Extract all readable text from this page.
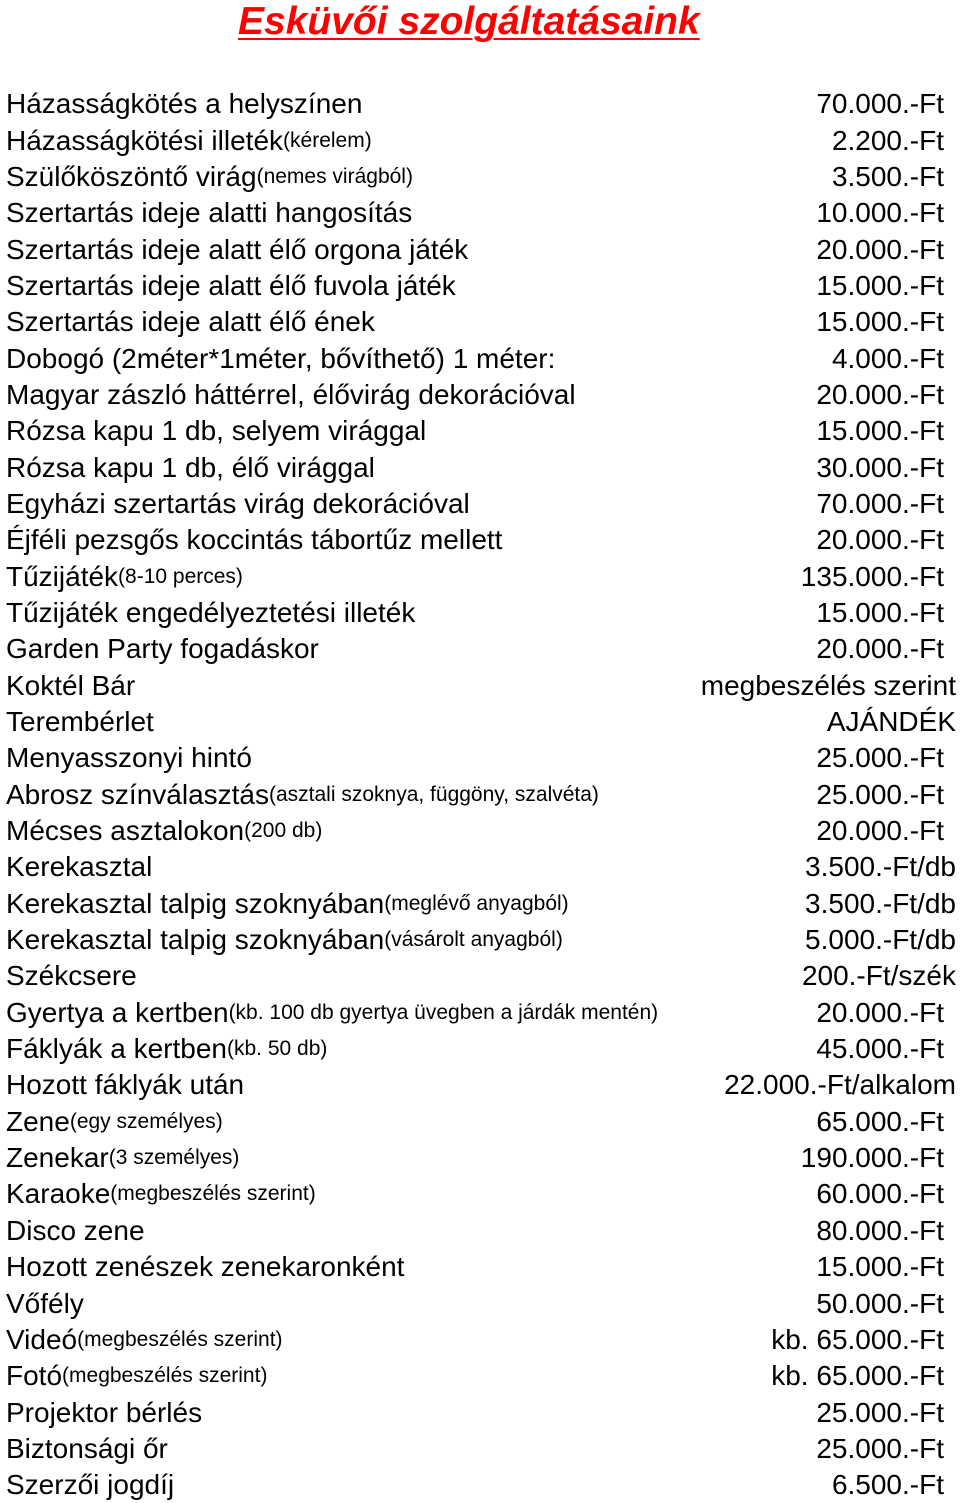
Esküvői szolgáltatásaink
Házasságkötés a helyszínen	70.000.-Ft
Házasságkötési illeték (kérelem)	2.200.-Ft
Szülőköszöntő virág (nemes virágból)	3.500.-Ft
Szertartás ideje alatti hangosítás	10.000.-Ft
Szertartás ideje alatt élő orgona játék	20.000.-Ft
Szertartás ideje alatt élő fuvola játék	15.000.-Ft
Szertartás ideje alatt élő ének	15.000.-Ft
Dobogó (2méter*1méter, bővíthető) 1 méter:	4.000.-Ft
Magyar zászló háttérrel, élővirág dekorációval	20.000.-Ft
Rózsa kapu 1 db, selyem virággal	15.000.-Ft
Rózsa kapu 1 db, élő virággal	30.000.-Ft
Egyházi szertartás virág dekorációval	70.000.-Ft
Éjféli pezsgős koccintás tábortűz mellett	20.000.-Ft
Tűzijáték (8-10 perces)	135.000.-Ft
Tűzijáték engedélyeztetési illeték	15.000.-Ft
Garden Party fogadáskor	20.000.-Ft
Koktél Bár	megbeszélés szerint
Terembérlet	AJÁNDÉK
Menyasszonyi hintó	25.000.-Ft
Abrosz színválasztás (asztali szoknya, függöny, szalvéta)	25.000.-Ft
Mécses asztalokon (200 db)	20.000.-Ft
Kerekasztal	3.500.-Ft/db
Kerekasztal talpig szoknyában (meglévő anyagból)	3.500.-Ft/db
Kerekasztal talpig szoknyában (vásárolt anyagból)	5.000.-Ft/db
Székcsere	200.-Ft/szék
Gyertya a kertben (kb. 100 db gyertya üvegben a járdák mentén)	20.000.-Ft
Fáklyák a kertben (kb. 50 db)	45.000.-Ft
Hozott fáklyák után	22.000.-Ft/alkalom
Zene (egy személyes)	65.000.-Ft
Zenekar (3 személyes)	190.000.-Ft
Karaoke (megbeszélés szerint)	60.000.-Ft
Disco zene	80.000.-Ft
Hozott zenészek zenekaronként	15.000.-Ft
Vőfély	50.000.-Ft
Videó (megbeszélés szerint)	kb. 65.000.-Ft
Fotó (megbeszélés szerint)	kb. 65.000.-Ft
Projektor bérlés	25.000.-Ft
Biztonsági őr	25.000.-Ft
Szerzői jogdíj	6.500.-Ft
